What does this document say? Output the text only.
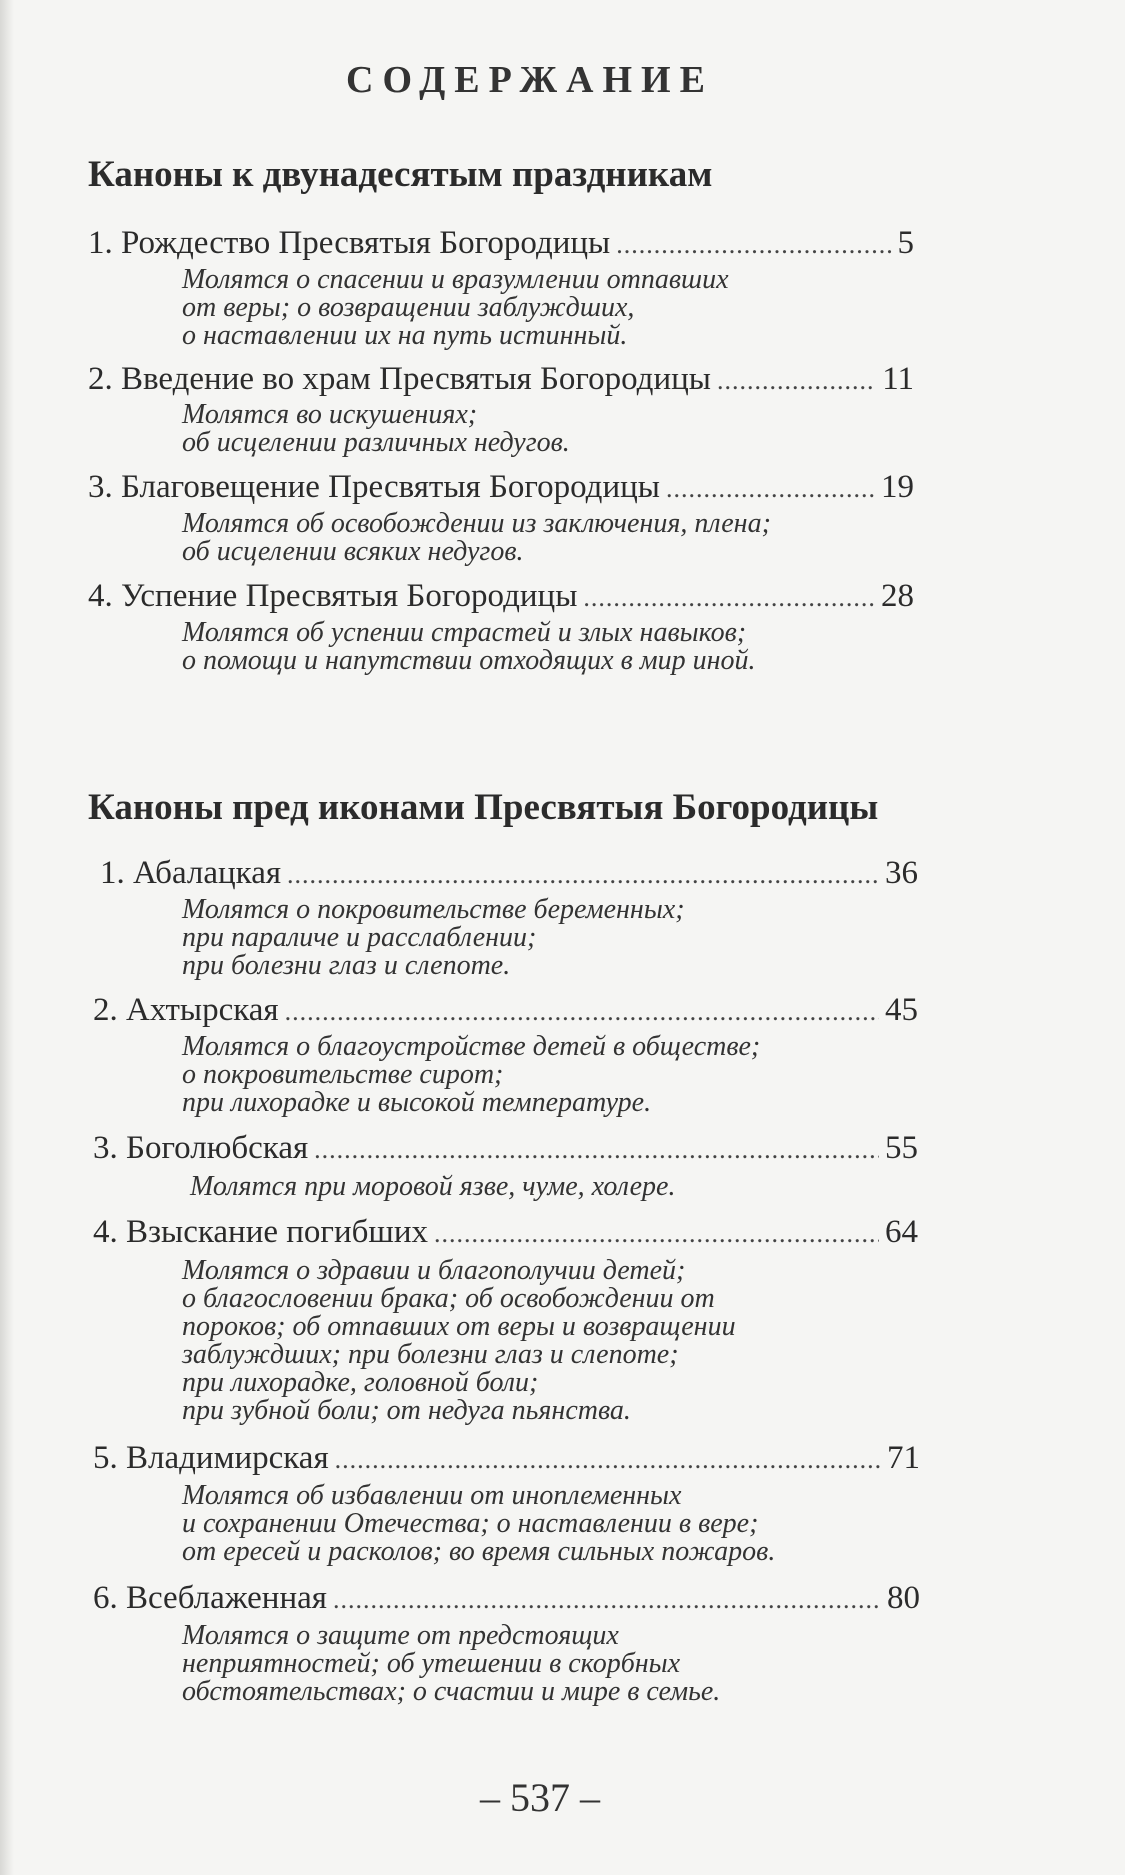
СОДЕРЖАНИЕ
Каноны к двунадесятым праздникам
1. Рождество Пресвятыя Богородицы .....	5
Молятся о спасении и вразумлении отпавших
от веры; о возвращении заблуждших,
о наставлении их на путь истинный.
2. Введение во храм Пресвятыя Богородицы .....	11
Молятся во искушениях;
об исцелении различных недугов.
3. Благовещение Пресвятыя Богородицы .....	19
Молятся об освобождении из заключения, плена;
об исцелении всяких недугов.
4. Успение Пресвятыя Богородицы .....	28
Молятся об успении страстей и злых навыков;
о помощи и напутствии отходящих в мир иной.
Каноны пред иконами Пресвятыя Богородицы
1. Абалацкая .....	36
Молятся о покровительстве беременных;
при параличе и расслаблении;
при болезни глаз и слепоте.
2. Ахтырская .....	45
Молятся о благоустройстве детей в обществе;
о покровительстве сирот;
при лихорадке и высокой температуре.
3. Боголюбская .....	55
Молятся при моровой язве, чуме, холере.
4. Взыскание погибших .....	64
Молятся о здравии и благополучии детей;
о благословении брака; об освобождении от
пороков; об отпавших от веры и возвращении
заблуждших; при болезни глаз и слепоте;
при лихорадке, головной боли;
при зубной боли; от недуга пьянства.
5. Владимирская .....	71
Молятся об избавлении от иноплеменных
и сохранении Отечества; о наставлении в вере;
от ересей и расколов; во время сильных пожаров.
6. Всеблаженная .....	80
Молятся о защите от предстоящих
неприятностей; об утешении в скорбных
обстоятельствах; о счастии и мире в семье.
– 537 –
